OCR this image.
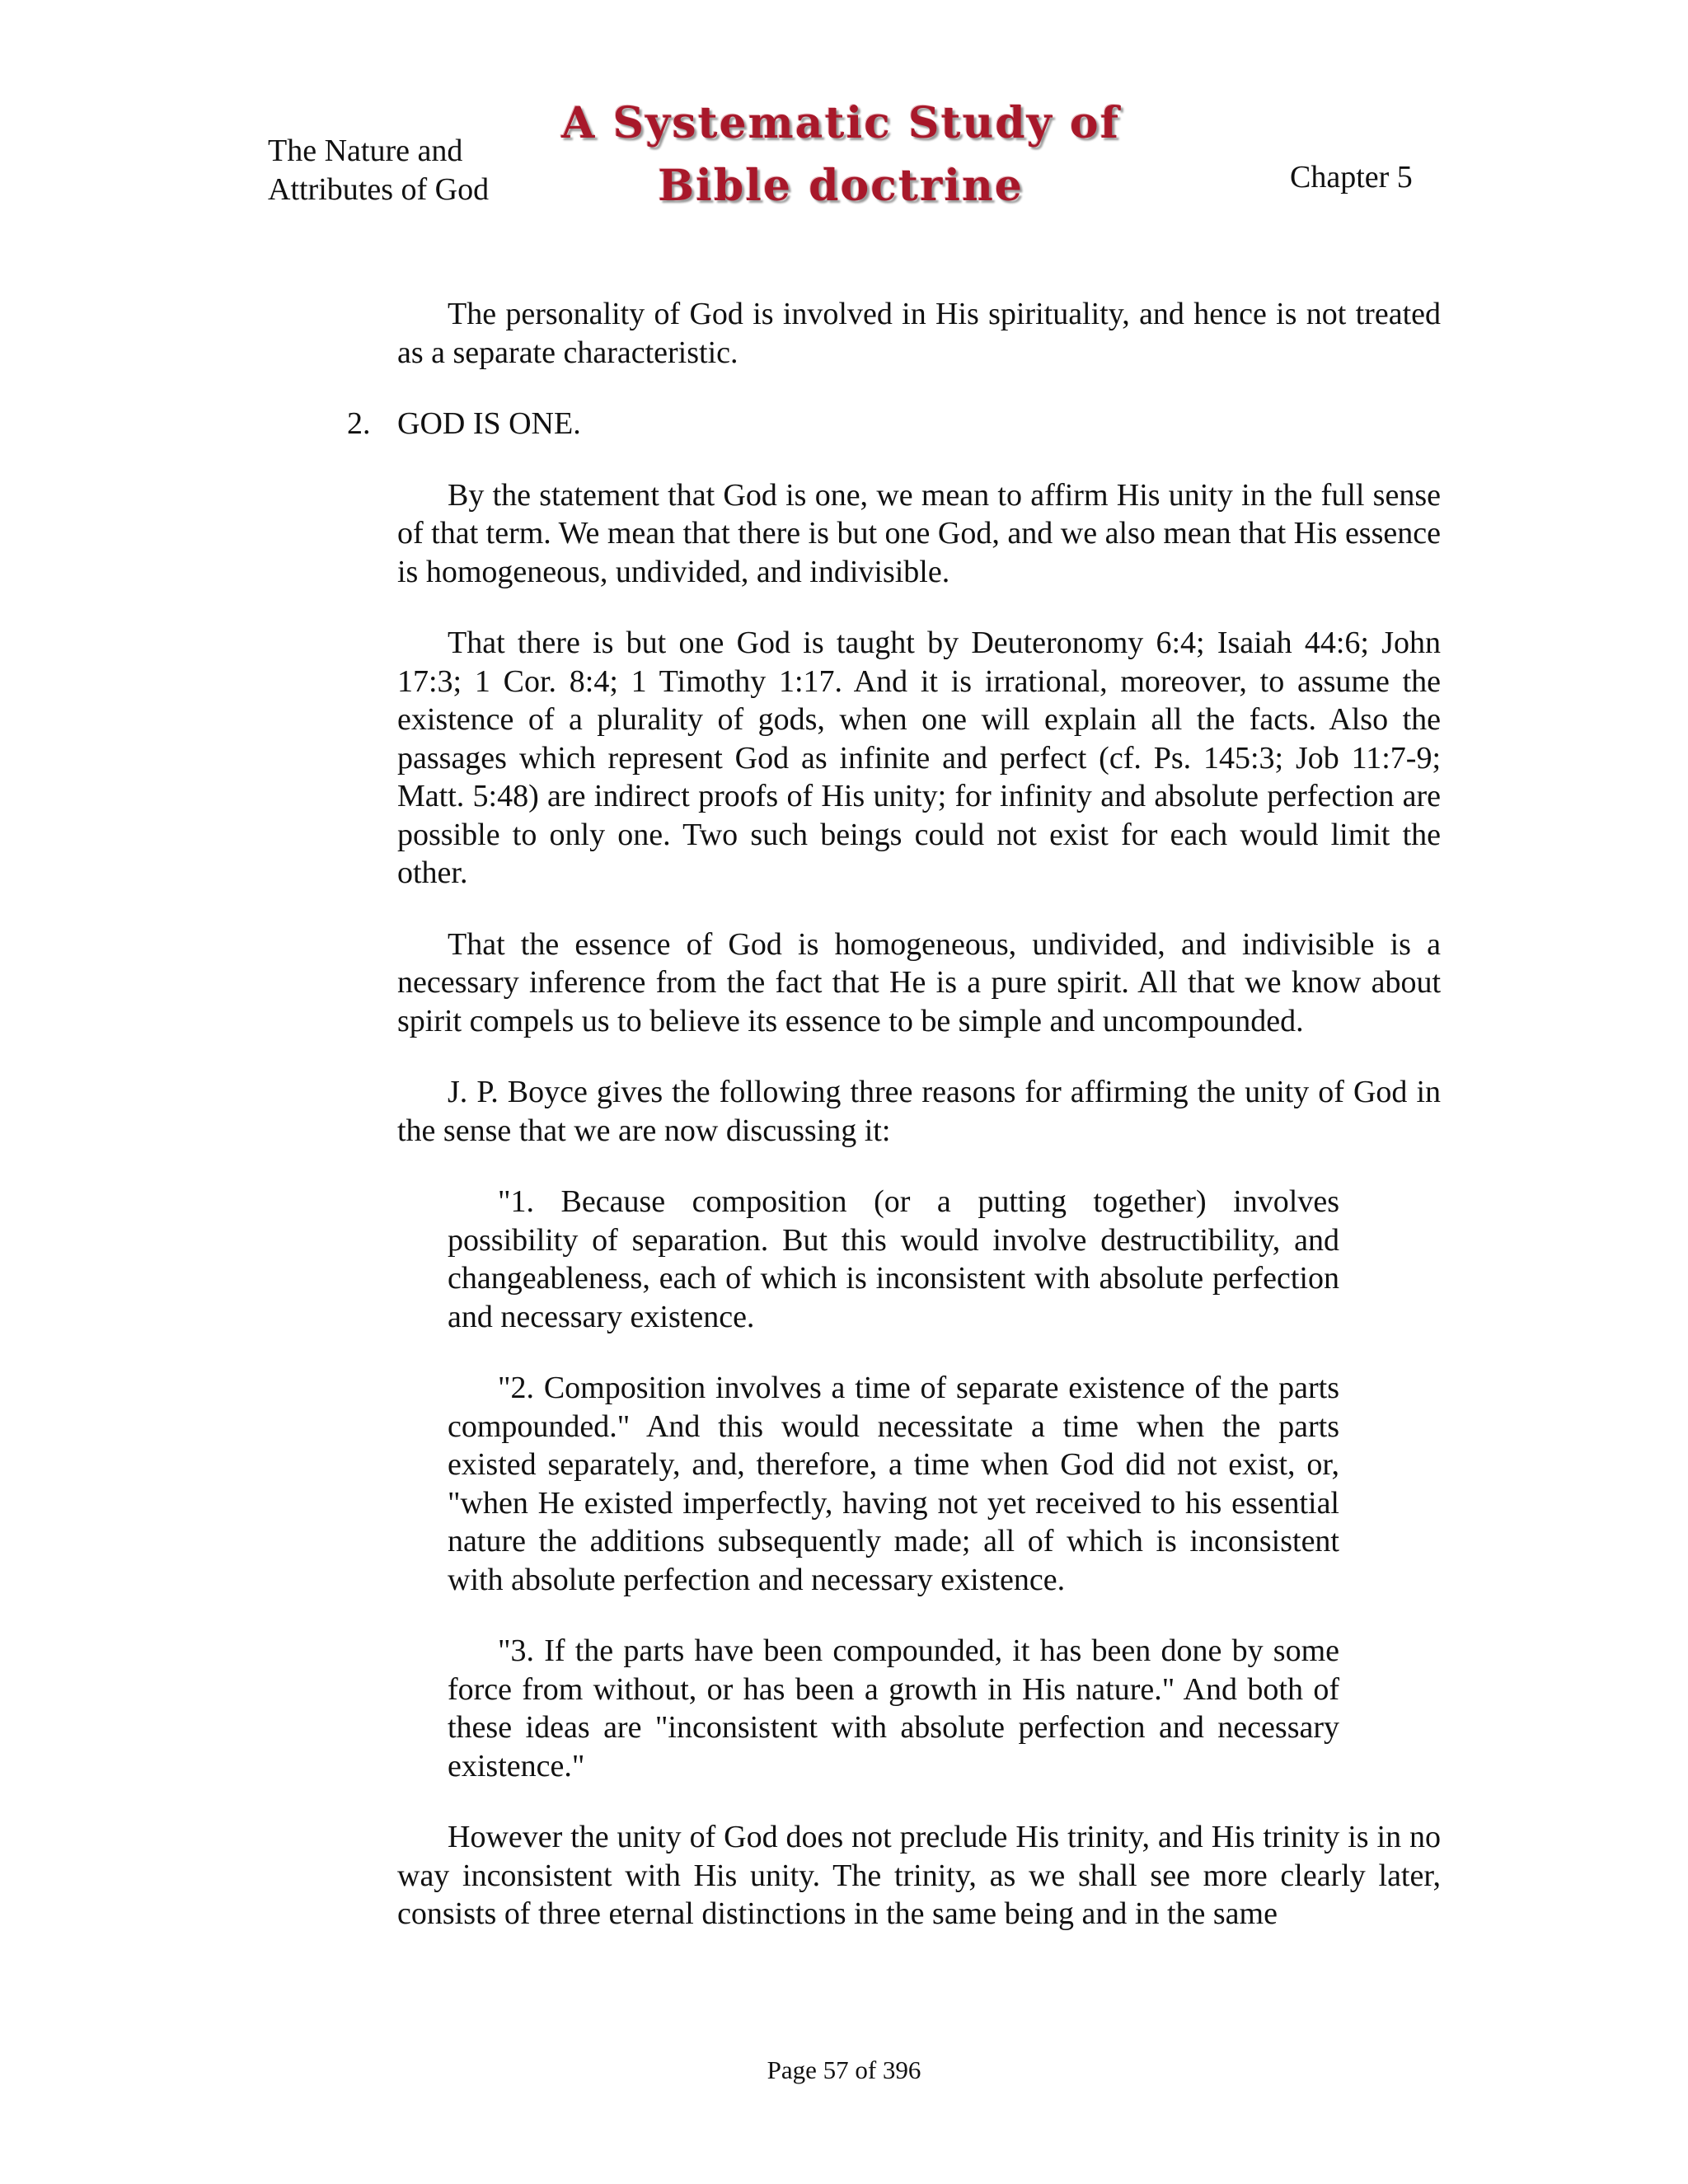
The Nature and
Attributes of God
A Systematic Study of
Bible doctrine	Chapter 5

The personality of God is involved in His spirituality, and hence is not treated as a separate characteristic.

2. GOD IS ONE.

By the statement that God is one, we mean to affirm His unity in the full sense of that term. We mean that there is but one God, and we also mean that His essence is homogeneous, undivided, and indivisible.

That there is but one God is taught by Deuteronomy 6:4; Isaiah 44:6; John 17:3; 1 Cor. 8:4; 1 Timothy 1:17. And it is irrational, moreover, to assume the existence of a plurality of gods, when one will explain all the facts. Also the passages which represent God as infinite and perfect (cf. Ps. 145:3; Job 11:7-9; Matt. 5:48) are indirect proofs of His unity; for infinity and absolute perfection are possible to only one. Two such beings could not exist for each would limit the other.

That the essence of God is homogeneous, undivided, and indivisible is a necessary inference from the fact that He is a pure spirit. All that we know about spirit compels us to believe its essence to be simple and uncompounded.

J. P. Boyce gives the following three reasons for affirming the unity of God in the sense that we are now discussing it:

"1. Because composition (or a putting together) involves possibility of separation. But this would involve destructibility, and changeableness, each of which is inconsistent with absolute perfection and necessary existence.

"2. Composition involves a time of separate existence of the parts compounded." And this would necessitate a time when the parts existed separately, and, therefore, a time when God did not exist, or, "when He existed imperfectly, having not yet received to his essential nature the additions subsequently made; all of which is inconsistent with absolute perfection and necessary existence.

"3. If the parts have been compounded, it has been done by some force from without, or has been a growth in His nature." And both of these ideas are "inconsistent with absolute perfection and necessary existence."

However the unity of God does not preclude His trinity, and His trinity is in no way inconsistent with His unity. The trinity, as we shall see more clearly later, consists of three eternal distinctions in the same being and in the same

Page 57 of 396
